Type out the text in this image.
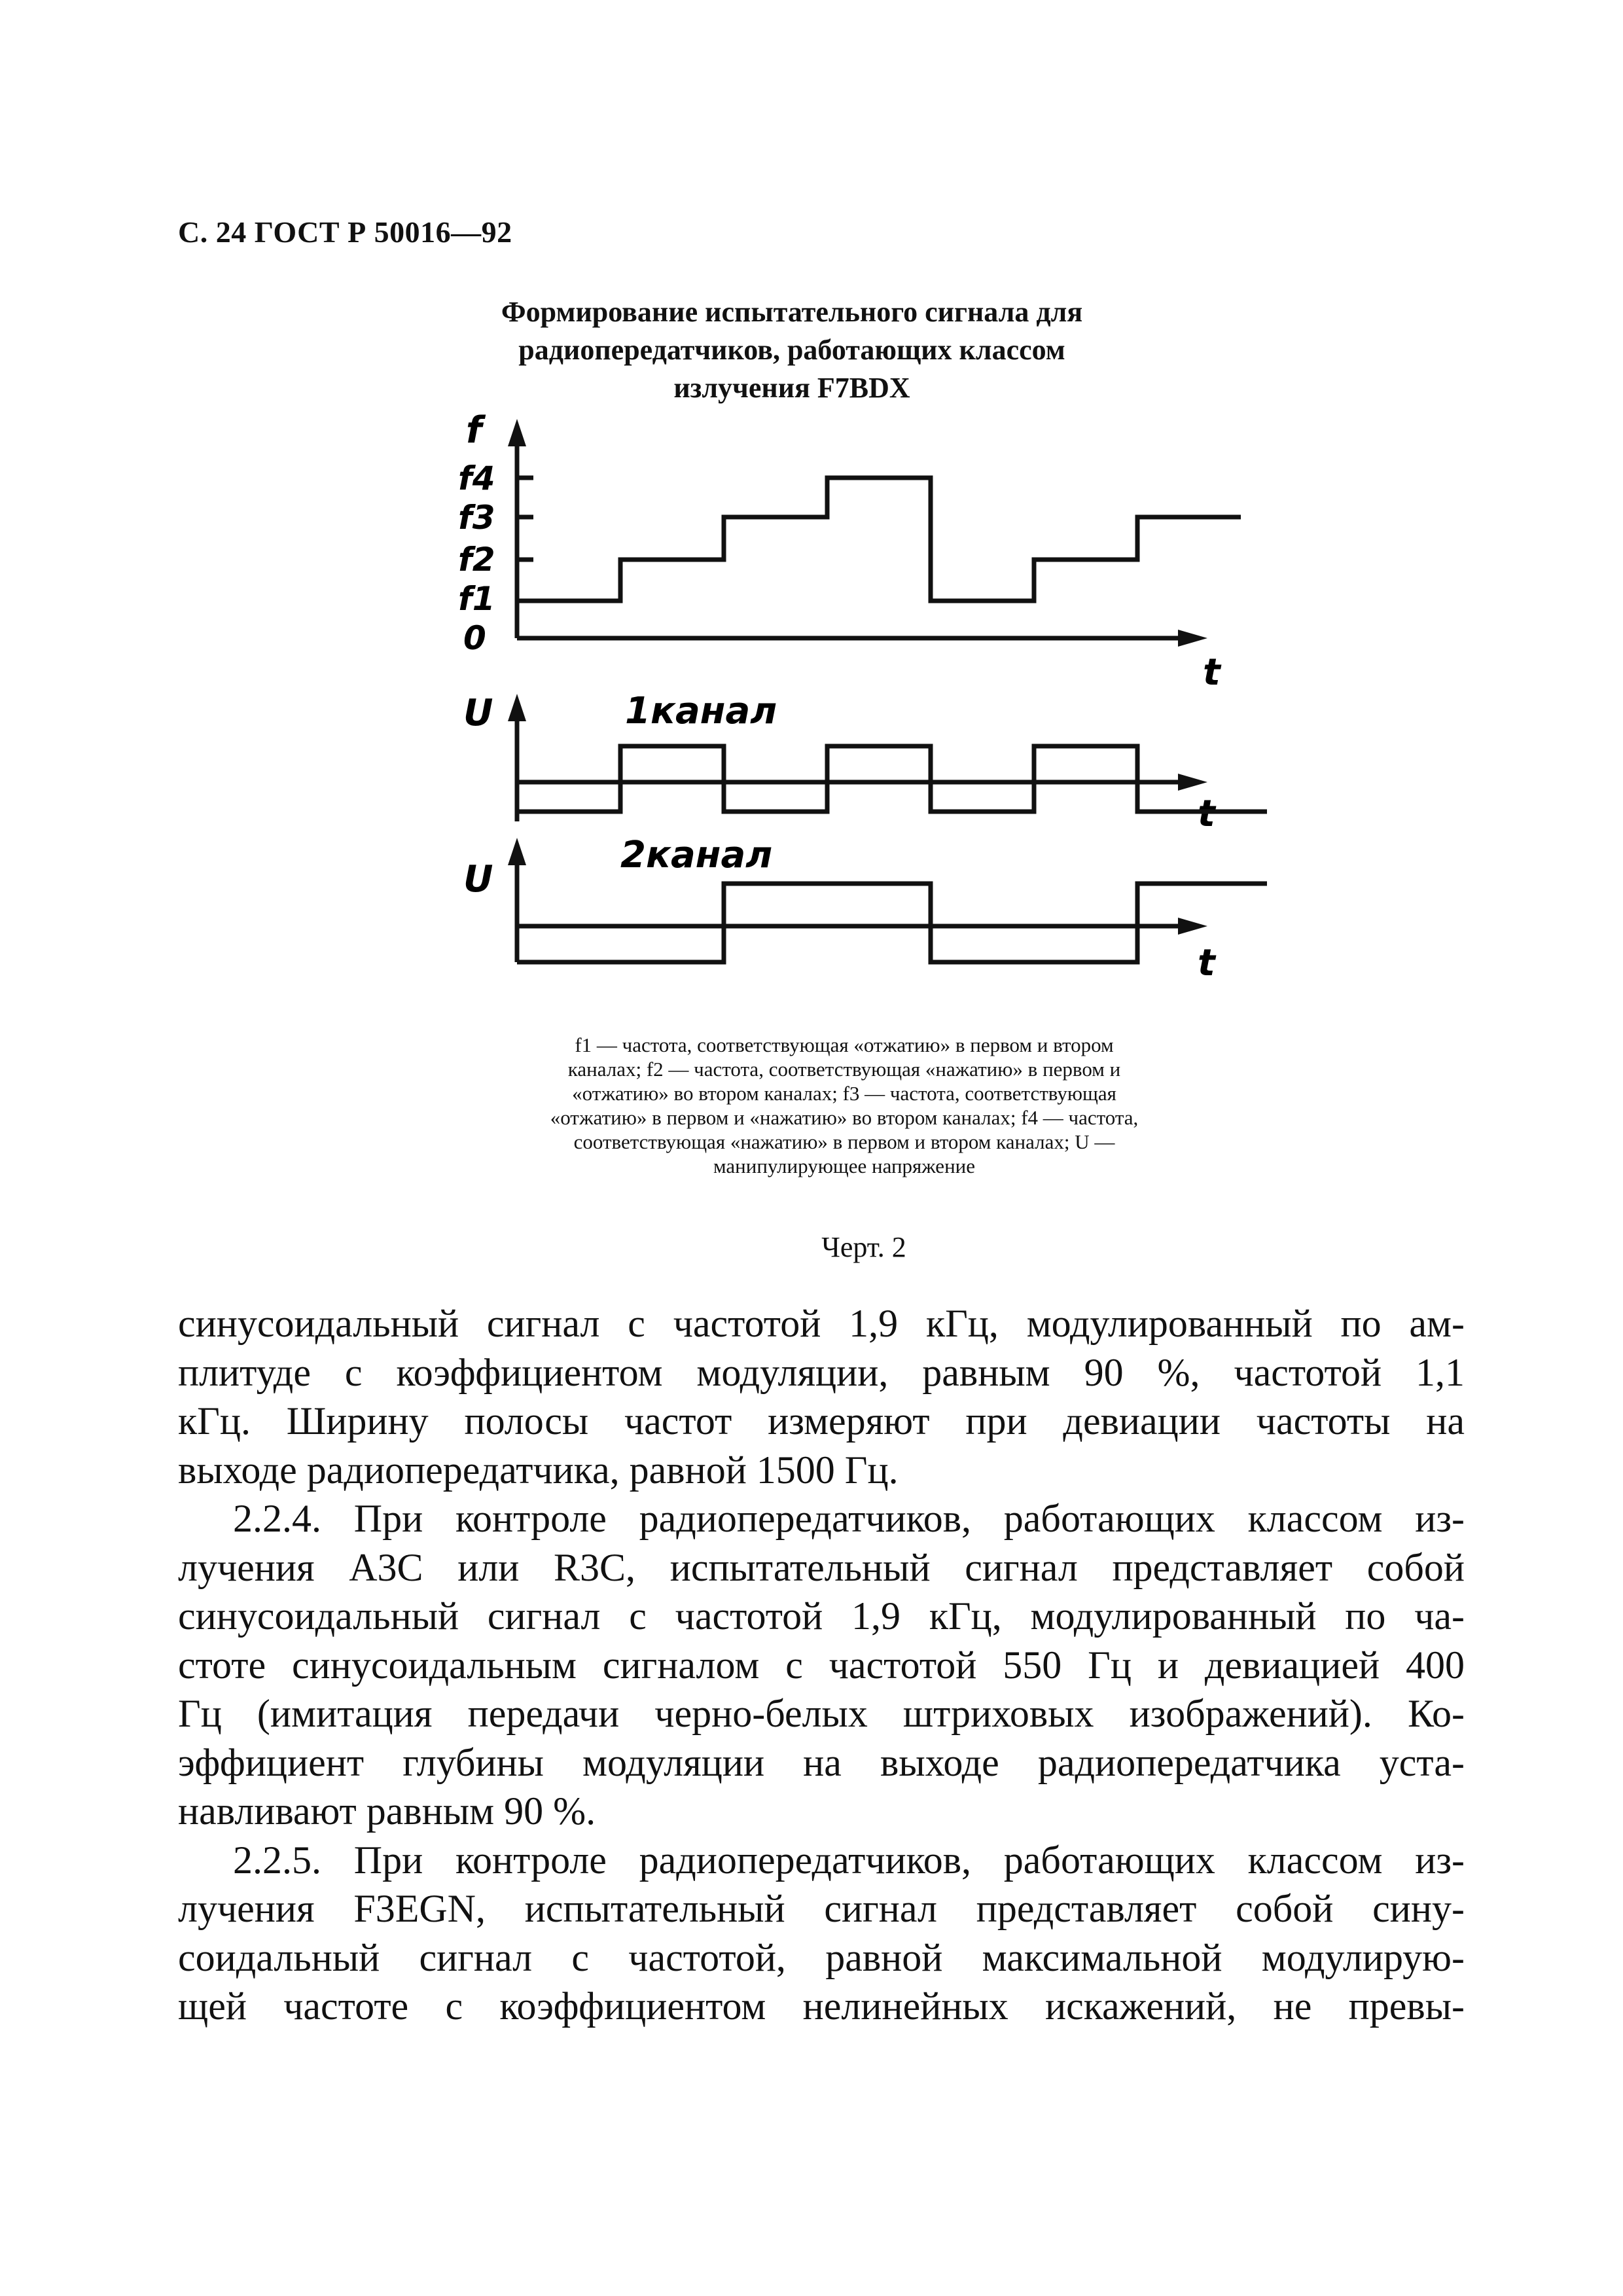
С. 24 ГОСТ Р 50016—92
Формирование испытательного сигнала для
радиопередатчиков, работающих классом
излучения F7BDX
f
f4
f3
f2
f1
0
t
U	1канал
t
U
2канал
t
f1 — частота, соответствующая «отжатию» в первом и втором
каналах; f2 — частота, соответствующая «нажатию» в первом и
«отжатию» во втором каналах; f3 — частота, соответствующая
«отжатию» в первом и «нажатию» во втором каналах; f4 — частота,
соответствующая «нажатию» в первом и втором каналах; U —
манипулирующее напряжение
Черт. 2
синусоидальный сигнал с частотой 1,9 кГц, модулированный по ам-
плитуде с коэффициентом модуляции, равным 90 %, частотой 1,1
кГц. Ширину полосы частот измеряют при девиации частоты на
выходе радиопередатчика, равной 1500 Гц.
2.2.4. При контроле радиопередатчиков, работающих классом из-
лучения A3C или R3C, испытательный сигнал представляет собой
синусоидальный сигнал с частотой 1,9 кГц, модулированный по ча-
стоте синусоидальным сигналом с частотой 550 Гц и девиацией 400
Гц (имитация передачи черно-белых штриховых изображений). Ко-
эффициент глубины модуляции на выходе радиопередатчика уста-
навливают равным 90 %.
2.2.5. При контроле радиопередатчиков, работающих классом из-
лучения F3EGN, испытательный сигнал представляет собой сину-
соидальный сигнал с частотой, равной максимальной модулирую-
щей частоте с коэффициентом нелинейных искажений, не превы-
